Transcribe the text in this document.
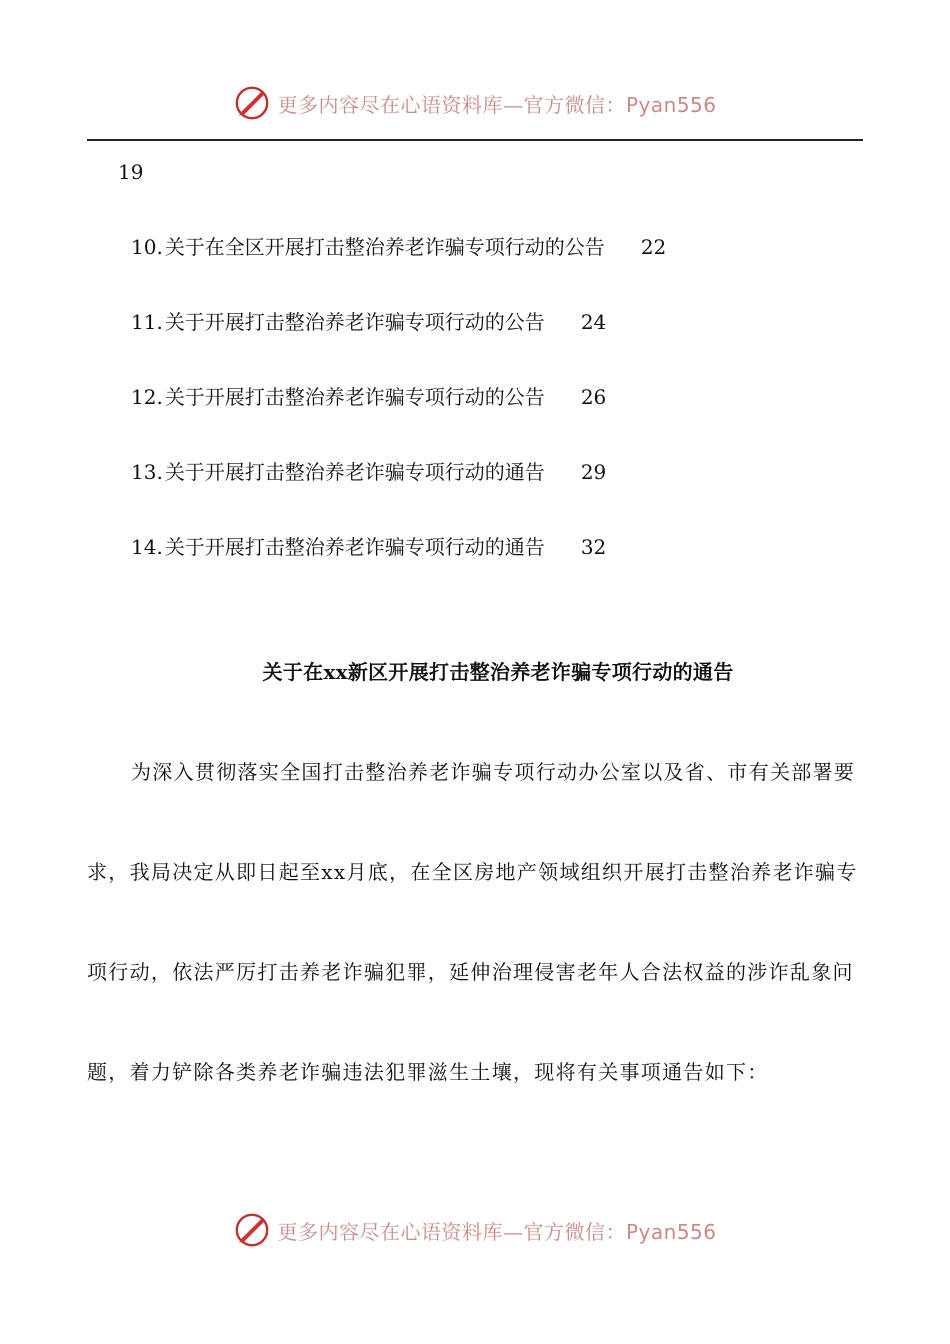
更多内容尽在心语资料库—官方微信：Pyan556
19
10. 关于在全区开展打击整治养老诈骗专项行动的公告 22
11. 关于开展打击整治养老诈骗专项行动的公告 24
12. 关于开展打击整治养老诈骗专项行动的公告 26
13. 关于开展打击整治养老诈骗专项行动的通告 29
14. 关于开展打击整治养老诈骗专项行动的通告 32
关于在xx新区开展打击整治养老诈骗专项行动的通告

为深入贯彻落实全国打击整治养老诈骗专项行动办公室以及省、市有关部署要求，我局决定从即日起至xx月底，在全区房地产领域组织开展打击整治养老诈骗专项行动，依法严厉打击养老诈骗犯罪，延伸治理侵害老年人合法权益的涉诈乱象问题，着力铲除各类养老诈骗违法犯罪滋生土壤，现将有关事项通告如下：

更多内容尽在心语资料库—官方微信：Pyan556
